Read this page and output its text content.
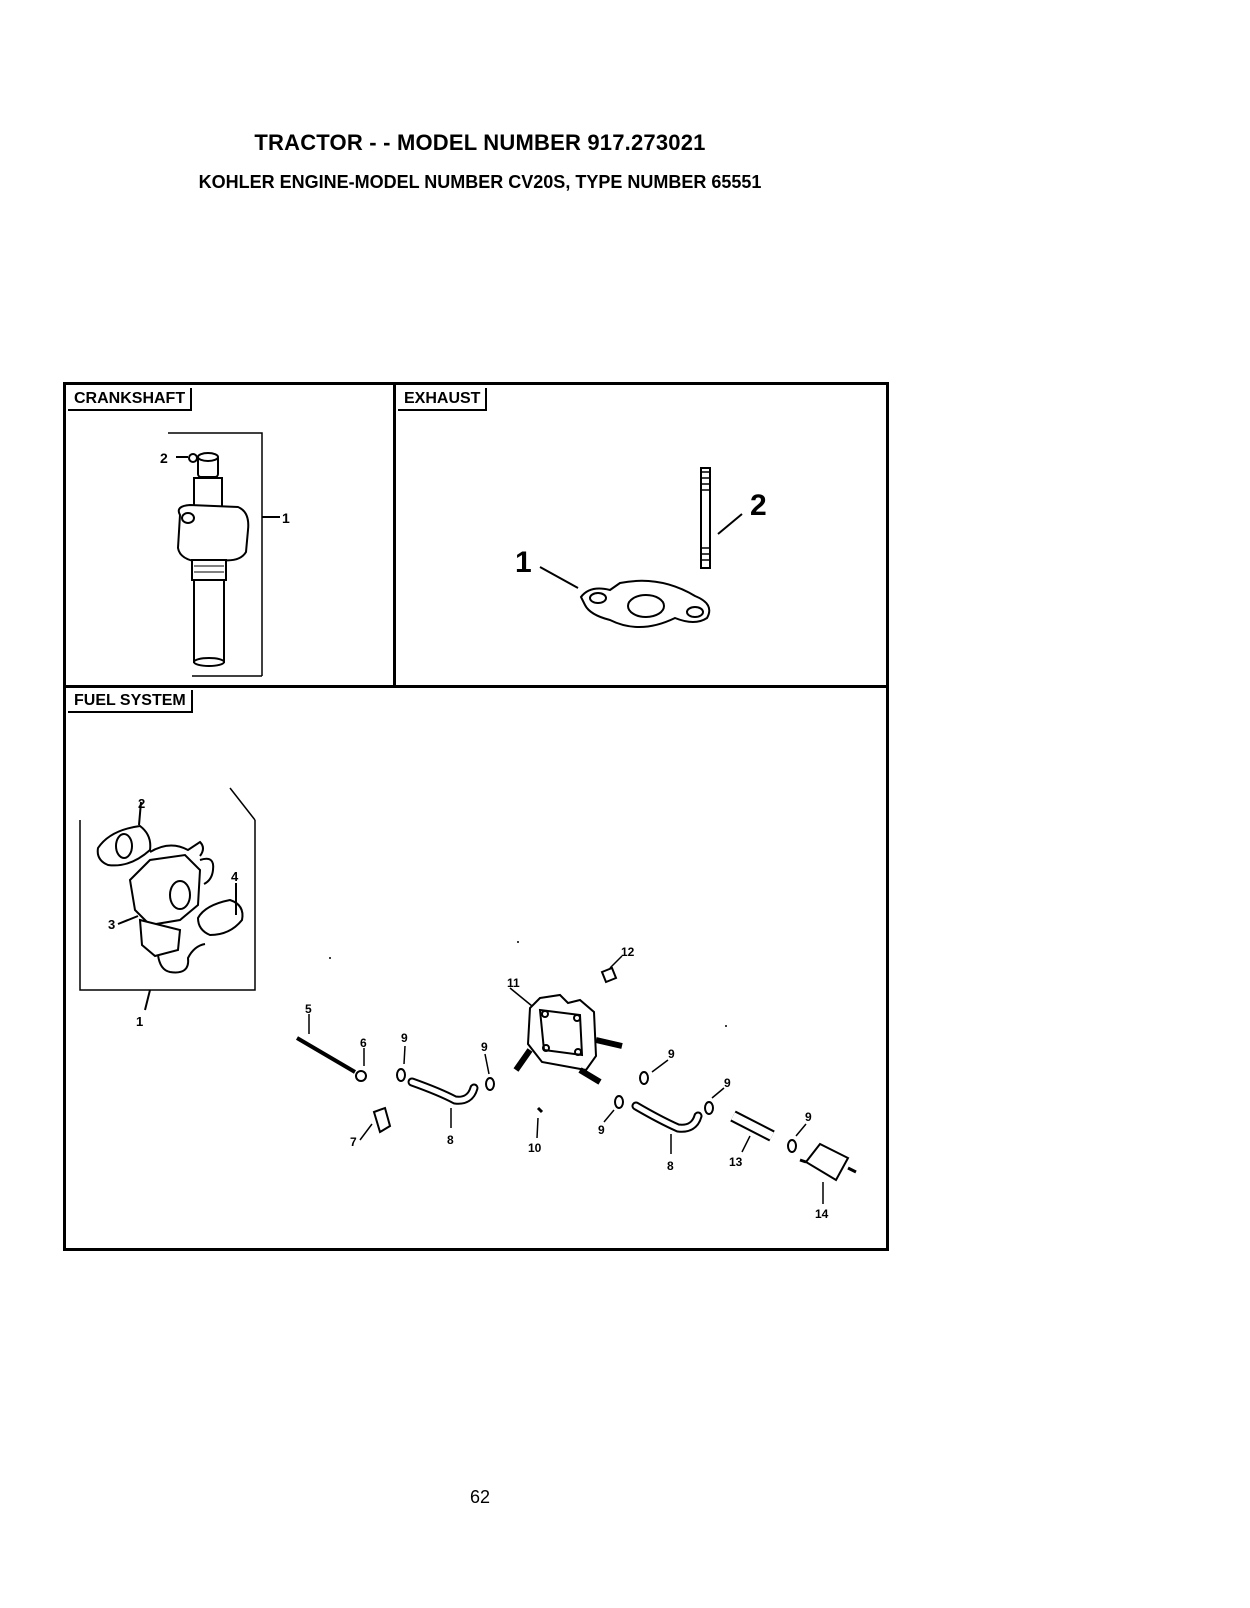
TRACTOR - - MODEL NUMBER 917.273021
KOHLER ENGINE-MODEL NUMBER CV20S, TYPE NUMBER 65551
CRANKSHAFT	EXHAUST
FUEL SYSTEM
2
1
1
2
2
4
3
1
5
6
7	8
8
9
9	9
9
9
9
10
11
12
13
14
62
